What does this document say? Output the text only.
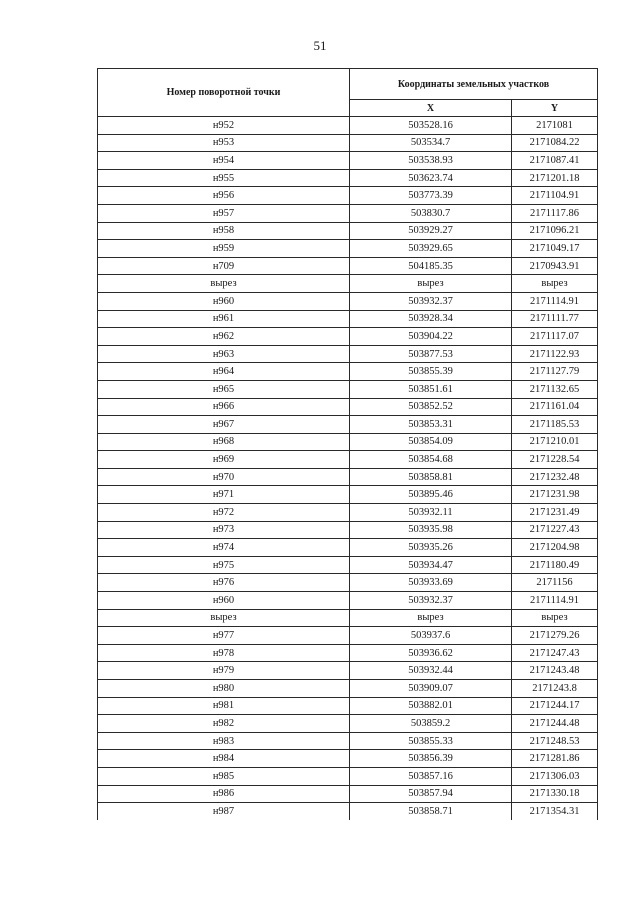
51
Номер поворотной точки	Координаты земельных участков	
	X	Y
н952	503528.16	2171081
н953	503534.7	2171084.22
н954	503538.93	2171087.41
н955	503623.74	2171201.18
н956	503773.39	2171104.91
н957	503830.7	2171117.86
н958	503929.27	2171096.21
н959	503929.65	2171049.17
н709	504185.35	2170943.91
вырез	вырез	вырез
н960	503932.37	2171114.91
н961	503928.34	2171111.77
н962	503904.22	2171117.07
н963	503877.53	2171122.93
н964	503855.39	2171127.79
н965	503851.61	2171132.65
н966	503852.52	2171161.04
н967	503853.31	2171185.53
н968	503854.09	2171210.01
н969	503854.68	2171228.54
н970	503858.81	2171232.48
н971	503895.46	2171231.98
н972	503932.11	2171231.49
н973	503935.98	2171227.43
н974	503935.26	2171204.98
н975	503934.47	2171180.49
н976	503933.69	2171156
н960	503932.37	2171114.91
вырез	вырез	вырез
н977	503937.6	2171279.26
н978	503936.62	2171247.43
н979	503932.44	2171243.48
н980	503909.07	2171243.8
н981	503882.01	2171244.17
н982	503859.2	2171244.48
н983	503855.33	2171248.53
н984	503856.39	2171281.86
н985	503857.16	2171306.03
н986	503857.94	2171330.18
н987	503858.71	2171354.31
